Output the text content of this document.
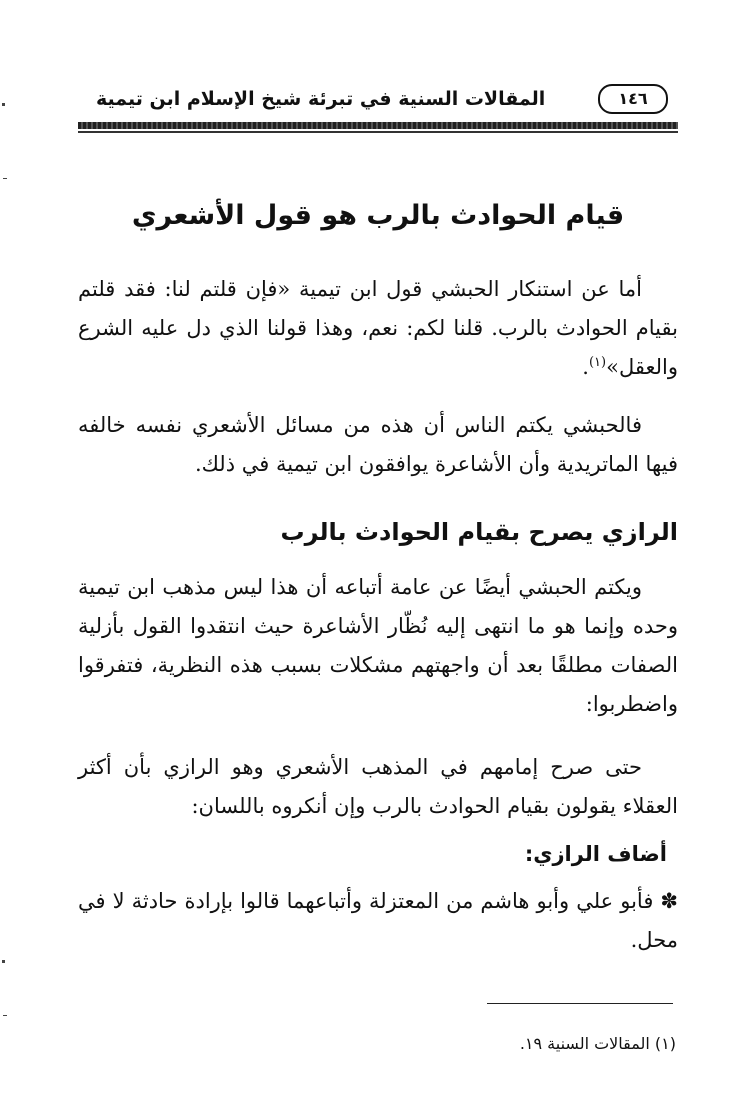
المقالات السنية في تبرئة شيخ الإسلام ابن تيمية	١٤٦
قيام الحوادث بالرب هو قول الأشعري
أما عن استنكار الحبشي قول ابن تيمية «فإن قلتم لنا: فقد قلتم بقيام الحوادث بالرب. قلنا لكم: نعم، وهذا قولنا الذي دل عليه الشرع والعقل»$^{(١)}$.
فالحبشي يكتم الناس أن هذه من مسائل الأشعري نفسه خالفه فيها الماتريدية وأن الأشاعرة يوافقون ابن تيمية في ذلك.
الرازي يصرح بقيام الحوادث بالرب
ويكتم الحبشي أيضًا عن عامة أتباعه أن هذا ليس مذهب ابن تيمية وحده وإنما هو ما انتهى إليه نُظّار الأشاعرة حيث انتقدوا القول بأزلية الصفات مطلقًا بعد أن واجهتهم مشكلات بسبب هذه النظرية، فتفرقوا واضطربوا:
حتى صرح إمامهم في المذهب الأشعري وهو الرازي بأن أكثر العقلاء يقولون بقيام الحوادث بالرب وإن أنكروه باللسان:
أضاف الرازي:
✽ فأبو علي وأبو هاشم من المعتزلة وأتباعهما قالوا بإرادة حادثة لا في محل.
(١) المقالات السنية ١٩.
